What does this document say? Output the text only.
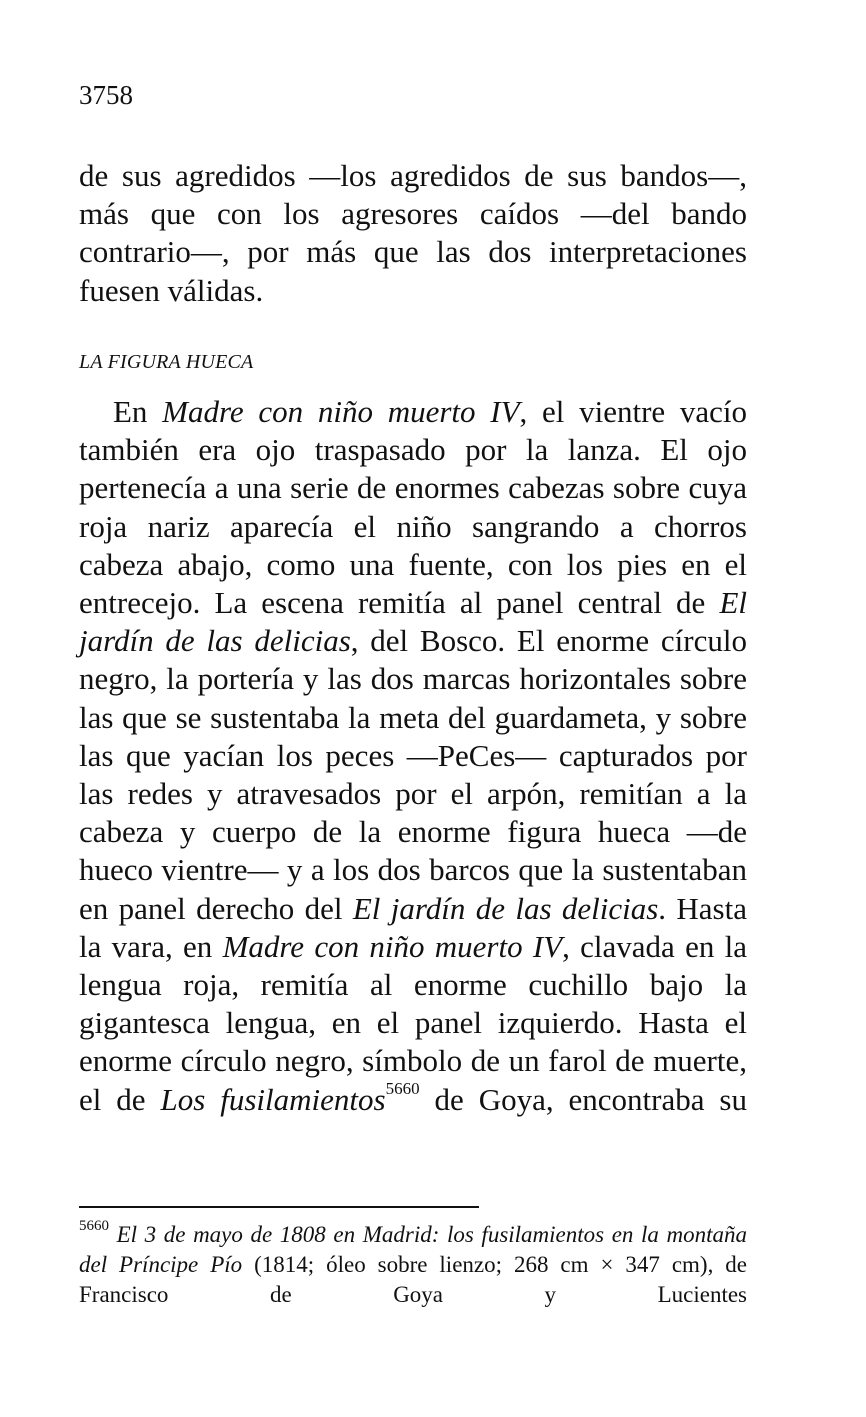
3758

de sus agredidos —los agredidos de sus bandos—, más que con los agresores caídos —del bando contrario—, por más que las dos interpretaciones fuesen válidas.

LA FIGURA HUECA

En Madre con niño muerto IV, el vientre vacío también era ojo traspasado por la lanza. El ojo pertenecía a una serie de enormes cabezas sobre cuya roja nariz aparecía el niño sangrando a chorros cabeza abajo, como una fuente, con los pies en el entrecejo. La escena remitía al panel central de El jardín de las delicias, del Bosco. El enorme círculo negro, la portería y las dos marcas horizontales sobre las que se sustentaba la meta del guardameta, y sobre las que yacían los peces —PeCes— capturados por las redes y atravesados por el arpón, remitían a la cabeza y cuerpo de la enorme figura hueca —de hueco vientre— y a los dos barcos que la sustentaban en panel derecho del El jardín de las delicias. Hasta la vara, en Madre con niño muerto IV, clavada en la lengua roja, remitía al enorme cuchillo bajo la gigantesca lengua, en el panel izquierdo. Hasta el enorme círculo negro, símbolo de un farol de muerte, el de Los fusilamientos$^{5660}$ de Goya, encontraba su

$^{5660}$ El 3 de mayo de 1808 en Madrid: los fusilamientos en la montaña del Príncipe Pío (1814; óleo sobre lienzo; 268 cm × 347 cm), de Francisco de Goya y Lucientes
